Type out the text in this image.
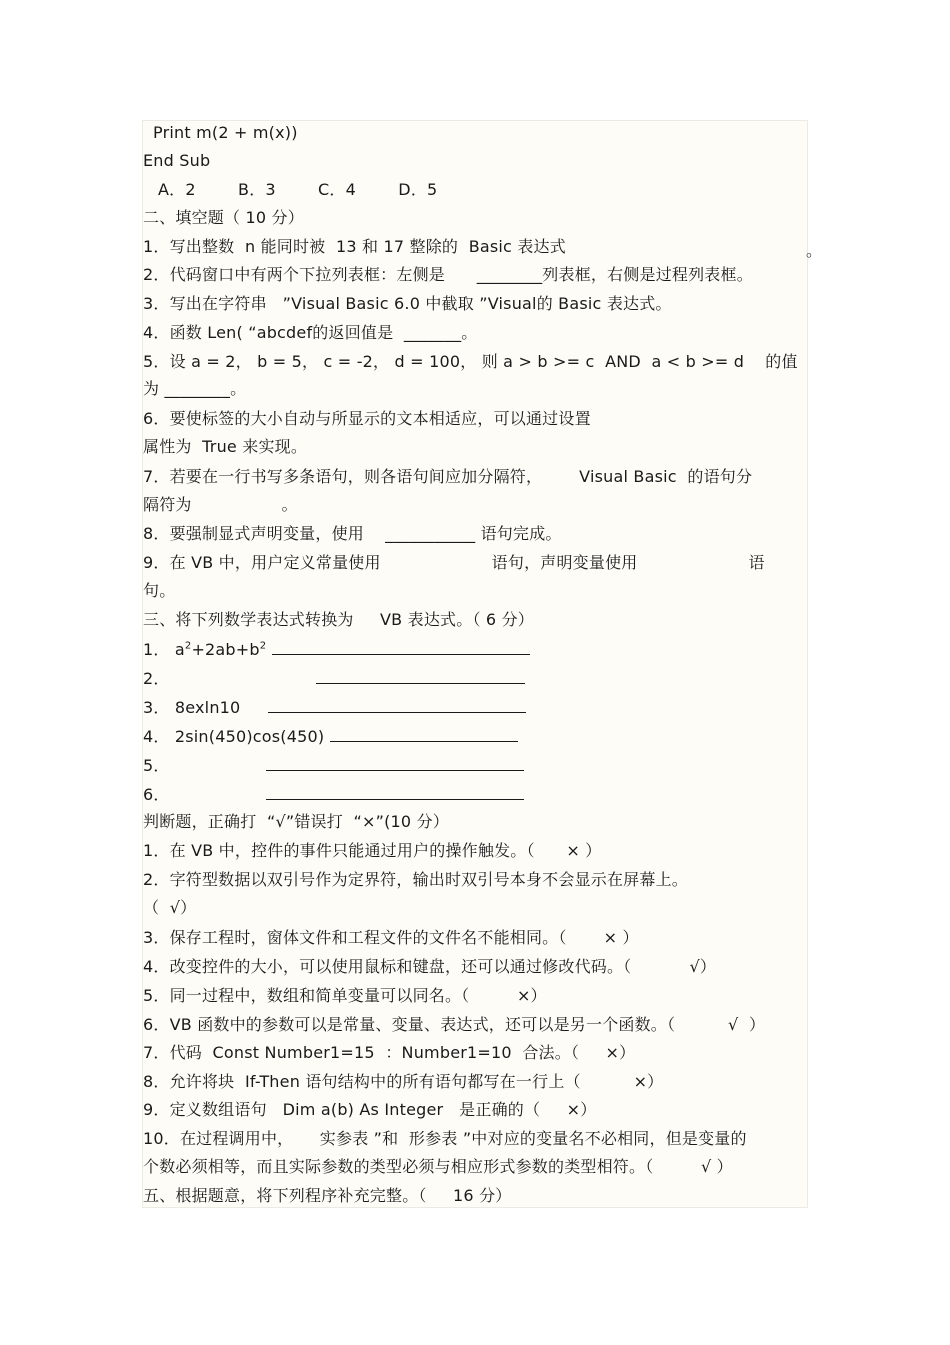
Print m(2 + m(x))
End Sub
A．2        B．3        C．4        D．5
二、填空题（ 10 分）
1．写出整数  n 能同时被  13 和 17 整除的  Basic 表达式	。
2．代码窗口中有两个下拉列表框：左侧是      ________列表框，右侧是过程列表框。
3．写出在字符串   ”Visual Basic 6.0 中截取 ”Visual的 Basic 表达式。
4．函数 Len( “abcdef的返回值是  _______。
5．设 a = 2， b = 5， c = -2， d = 100， 则 a > b >= c  AND  a < b >= d    的值
为 ________。
6．要使标签的大小自动与所显示的文本相适应，可以通过设置
属性为  True 来实现。
7．若要在一行书写多条语句，则各语句间应加分隔符，       Visual Basic  的语句分
隔符为                 。
8．要强制显式声明变量，使用    ___________ 语句完成。
9．在 VB 中，用户定义常量使用                     语句，声明变量使用                     语
句。
三、将下列数学表达式转换为     VB 表达式。（ 6 分）
1． $a^2+2ab+b^2$
2．
3． 8exln10
4． 2sin(450)cos(450)
5．
6．
判断题，正确打  “√”错误打  “×”(10 分）
1．在 VB 中，控件的事件只能通过用户的操作触发。（      × ）
2．字符型数据以双引号作为定界符，输出时双引号本身不会显示在屏幕上。
（  √）
3．保存工程时，窗体文件和工程文件的文件名不能相同。（       × ）
4．改变控件的大小，可以使用鼠标和键盘，还可以通过修改代码。（           √）
5．同一过程中，数组和简单变量可以同名。（         ×）
6．VB 函数中的参数可以是常量、变量、表达式，还可以是另一个函数。（          √  ）
7．代码  Const Number1=15  ：Number1=10  合法。（     ×）
8．允许将块  If-Then 语句结构中的所有语句都写在一行上（          ×）
9．定义数组语句   Dim a(b) As Integer   是正确的（     ×）
10．在过程调用中，     实参表 ”和  形参表 ”中对应的变量名不必相同，但是变量的
个数必须相等，而且实际参数的类型必须与相应形式参数的类型相符。（         √ ）
五、根据题意，将下列程序补充完整。（     16 分）
